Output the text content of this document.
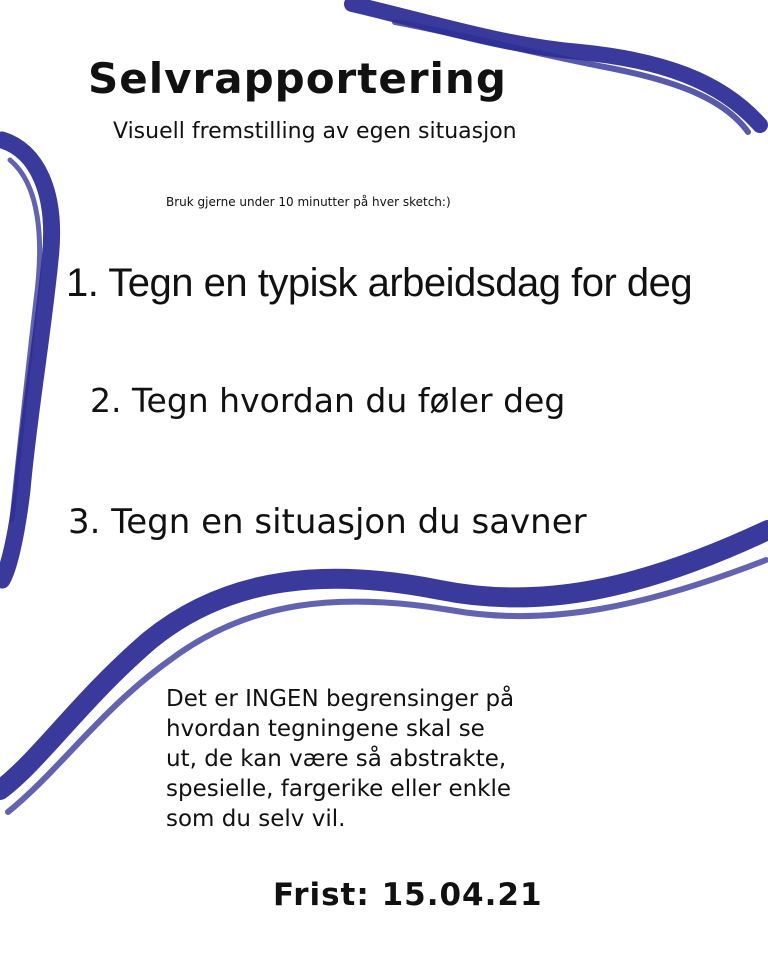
Selvrapportering

Visuell fremstilling av egen situasjon

Bruk gjerne under 10 minutter på hver sketch:)

1. Tegn en typisk arbeidsdag for deg

2. Tegn hvordan du føler deg

3. Tegn en situasjon du savner

Det er INGEN begrensinger på
hvordan tegningene skal se
ut, de kan være så abstrakte,
spesielle, fargerike eller enkle
som du selv vil.

Frist: 15.04.21
